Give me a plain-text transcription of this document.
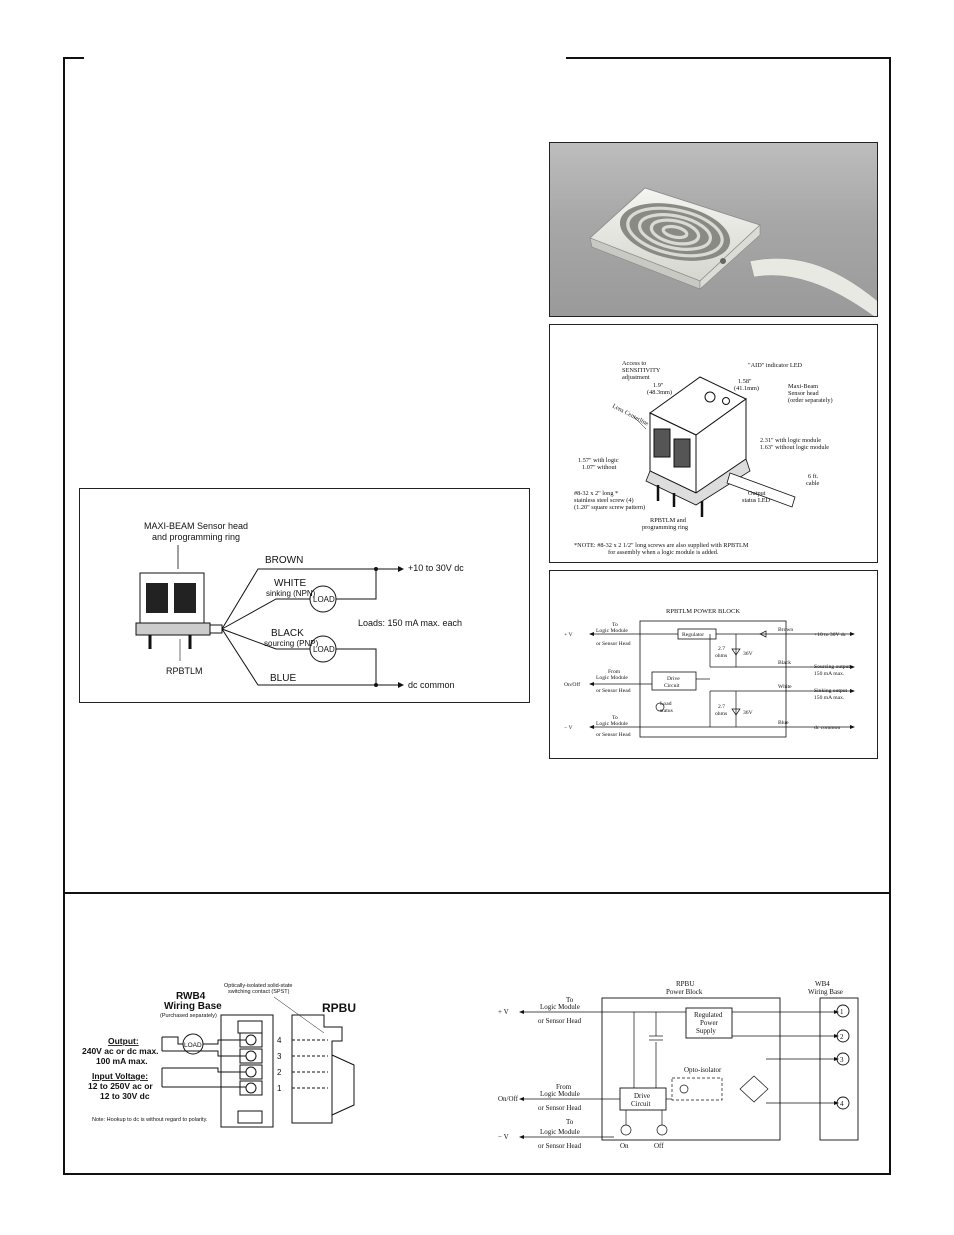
Access to
SENSITIVITY
adjustment
1.9"
(48.3mm)
"AID" indicator LED
1.58"
(41.1mm)	Maxi-Beam
Sensor head
(order separately)
Lens Centerline
2.31" with logic module
1.63" without logic module
1.57" with logic
1.07" without
6 ft.
cable
#8-32 x 2" long *
stainless steel screw (4)
(1.20" square screw pattern)
Output
status LED
RPBTLM and
programming ring
*NOTE: #8-32 x 2 1/2" long screws are also supplied with RPBTLM
for assembly when a logic module is added.
MAXI-BEAM Sensor head
and programming ring
RPBTLM
LOAD
LOAD
BROWN
WHITE
sinking (NPN)
BLACK
sourcing (PNP)
BLUE
+10 to 30V dc
Loads: 150 mA max. each
dc common
RPBTLM POWER BLOCK
Regulator
Drive
Circuit
Load
status
+ V
On/Off
− V
To
Logic Module
or Sensor Head
From
Logic Module
or Sensor Head
To
Logic Module
or Sensor Head
2.7
ohms
2.7
ohms
36V
36V
Brown
Black
White
Blue
+10 to 30V dc
Sourcing output
150 mA max.
Sinking output
150 mA max.
dc common
RWB4
Wiring Base
(Purchased separately)
Optically-isolated solid-state
switching contact (SPST)
RPBU
4
3
2
1
LOAD
Output:
240V ac or dc max.
100 mA max.
Input Voltage:
12 to 250V ac or
12 to 30V dc
Note: Hookup to dc is without regard to polarity.
RPBU
Power Block
WB4
Wiring Base
1
2
3
4
Regulated
Power
Supply
Drive
Circuit
Opto-isolator
On	Off
+ V
On/Off
− V
To
Logic Module
or Sensor Head
From
Logic Module
or Sensor Head
To
Logic Module
or Sensor Head
